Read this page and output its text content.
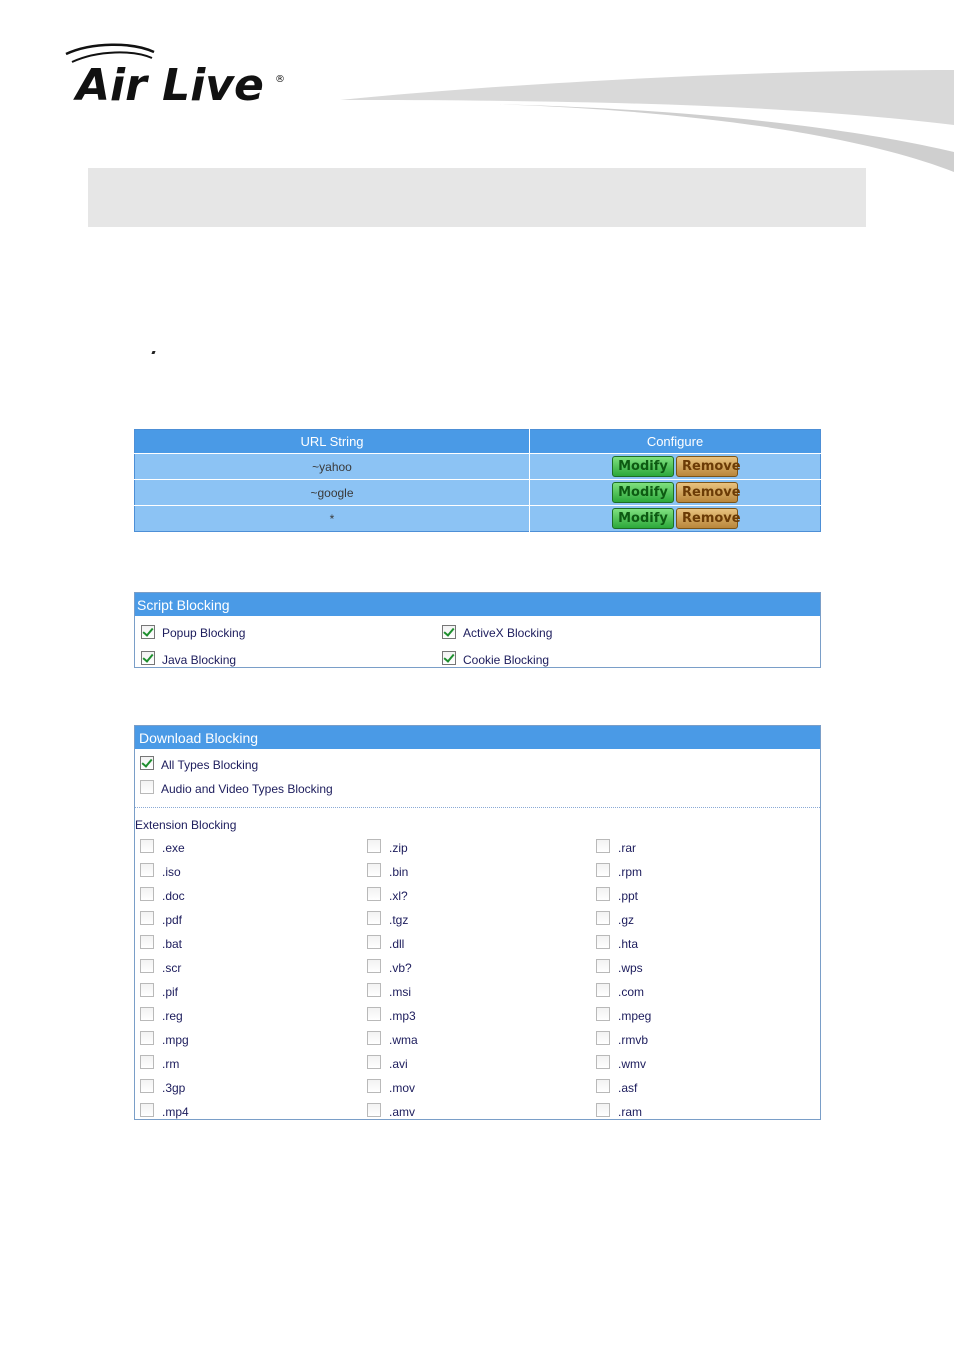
Air Live ®
URL String	Configure
~yahoo	Modify Remove
~google	Modify Remove
*	Modify Remove
Script Blocking
Popup Blocking	ActiveX Blocking
Java Blocking	Cookie Blocking
Download Blocking
All Types Blocking
Audio and Video Types Blocking
Extension Blocking
.exe	.zip	.rar
.iso	.bin	.rpm
.doc	.xl?	.ppt
.pdf	.tgz	.gz
.bat	.dll	.hta
.scr	.vb?	.wps
.pif	.msi	.com
.reg	.mp3	.mpeg
.mpg	.wma	.rmvb
.rm	.avi	.wmv
.3gp	.mov	.asf
.mp4	.amv	.ram
